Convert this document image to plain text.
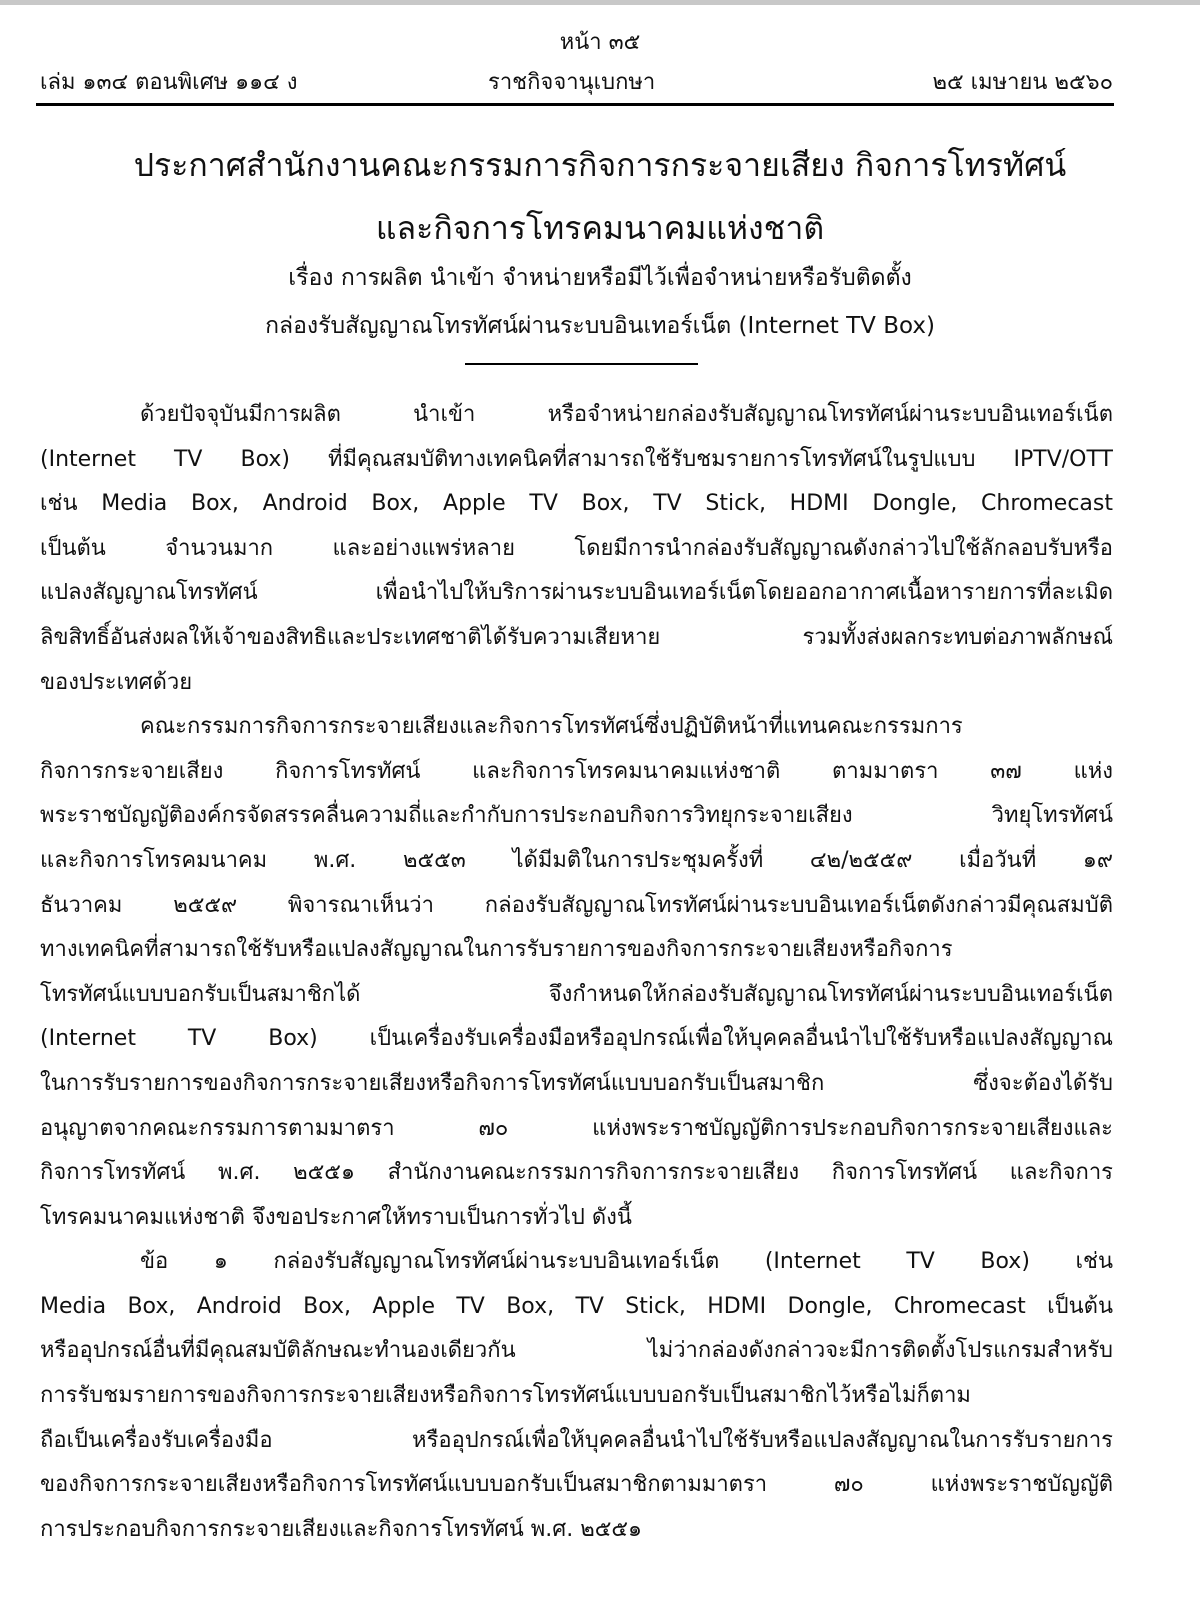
หน้า ๓๕
เล่ม ๑๓๔ ตอนพิเศษ ๑๑๔ ง	ราชกิจจานุเบกษา	๒๕ เมษายน ๒๕๖๐
ประกาศสำนักงานคณะกรรมการกิจการกระจายเสียง กิจการโทรทัศน์
และกิจการโทรคมนาคมแห่งชาติ
เรื่อง การผลิต นำเข้า จำหน่ายหรือมีไว้เพื่อจำหน่ายหรือรับติดตั้ง
กล่องรับสัญญาณโทรทัศน์ผ่านระบบอินเทอร์เน็ต (Internet TV Box)
ด้วยปัจจุบันมีการผลิต นำเข้า หรือจำหน่ายกล่องรับสัญญาณโทรทัศน์ผ่านระบบอินเทอร์เน็ต
(Internet TV Box) ที่มีคุณสมบัติทางเทคนิคที่สามารถใช้รับชมรายการโทรทัศน์ในรูปแบบ IPTV/OTT
เช่น Media Box, Android Box, Apple TV Box, TV Stick, HDMI Dongle, Chromecast
เป็นต้น จำนวนมาก และอย่างแพร่หลาย โดยมีการนำกล่องรับสัญญาณดังกล่าวไปใช้ลักลอบรับหรือ
แปลงสัญญาณโทรทัศน์ เพื่อนำไปให้บริการผ่านระบบอินเทอร์เน็ตโดยออกอากาศเนื้อหารายการที่ละเมิด
ลิขสิทธิ์อันส่งผลให้เจ้าของสิทธิและประเทศชาติได้รับความเสียหาย รวมทั้งส่งผลกระทบต่อภาพลักษณ์
ของประเทศด้วย
คณะกรรมการกิจการกระจายเสียงและกิจการโทรทัศน์ซึ่งปฏิบัติหน้าที่แทนคณะกรรมการ
กิจการกระจายเสียง กิจการโทรทัศน์ และกิจการโทรคมนาคมแห่งชาติ ตามมาตรา ๓๗ แห่ง
พระราชบัญญัติองค์กรจัดสรรคลื่นความถี่และกำกับการประกอบกิจการวิทยุกระจายเสียง วิทยุโทรทัศน์
และกิจการโทรคมนาคม พ.ศ. ๒๕๕๓ ได้มีมติในการประชุมครั้งที่ ๔๒/๒๕๕๙ เมื่อวันที่ ๑๙
ธันวาคม ๒๕๕๙ พิจารณาเห็นว่า กล่องรับสัญญาณโทรทัศน์ผ่านระบบอินเทอร์เน็ตดังกล่าวมีคุณสมบัติ
ทางเทคนิคที่สามารถใช้รับหรือแปลงสัญญาณในการรับรายการของกิจการกระจายเสียงหรือกิจการ
โทรทัศน์แบบบอกรับเป็นสมาชิกได้ จึงกำหนดให้กล่องรับสัญญาณโทรทัศน์ผ่านระบบอินเทอร์เน็ต
(Internet TV Box) เป็นเครื่องรับเครื่องมือหรืออุปกรณ์เพื่อให้บุคคลอื่นนำไปใช้รับหรือแปลงสัญญาณ
ในการรับรายการของกิจการกระจายเสียงหรือกิจการโทรทัศน์แบบบอกรับเป็นสมาชิก ซึ่งจะต้องได้รับ
อนุญาตจากคณะกรรมการตามมาตรา ๗๐ แห่งพระราชบัญญัติการประกอบกิจการกระจายเสียงและ
กิจการโทรทัศน์ พ.ศ. ๒๕๕๑ สำนักงานคณะกรรมการกิจการกระจายเสียง กิจการโทรทัศน์ และกิจการ
โทรคมนาคมแห่งชาติ จึงขอประกาศให้ทราบเป็นการทั่วไป ดังนี้
ข้อ ๑ กล่องรับสัญญาณโทรทัศน์ผ่านระบบอินเทอร์เน็ต (Internet TV Box) เช่น
Media Box, Android Box, Apple TV Box, TV Stick, HDMI Dongle, Chromecast เป็นต้น
หรืออุปกรณ์อื่นที่มีคุณสมบัติลักษณะทำนองเดียวกัน ไม่ว่ากล่องดังกล่าวจะมีการติดตั้งโปรแกรมสำหรับ
การรับชมรายการของกิจการกระจายเสียงหรือกิจการโทรทัศน์แบบบอกรับเป็นสมาชิกไว้หรือไม่ก็ตาม
ถือเป็นเครื่องรับเครื่องมือ หรืออุปกรณ์เพื่อให้บุคคลอื่นนำไปใช้รับหรือแปลงสัญญาณในการรับรายการ
ของกิจการกระจายเสียงหรือกิจการโทรทัศน์แบบบอกรับเป็นสมาชิกตามมาตรา ๗๐ แห่งพระราชบัญญัติ
การประกอบกิจการกระจายเสียงและกิจการโทรทัศน์ พ.ศ. ๒๕๕๑
